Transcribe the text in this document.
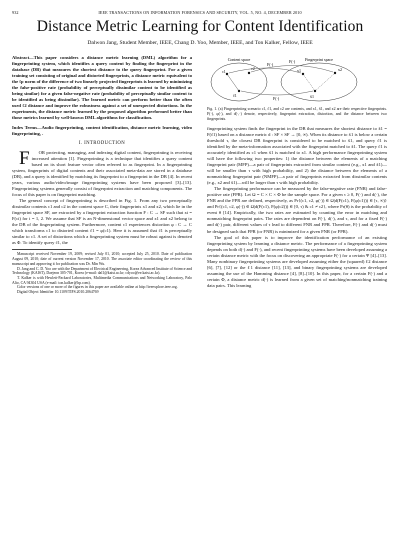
932	IEEE TRANSACTIONS ON INFORMATION FORENSICS AND SECURITY, VOL. 5, NO. 4, DECEMBER 2010
Distance Metric Learning for Content Identification
Dalwon Jang, Student Member, IEEE, Chang D. Yoo, Member, IEEE, and Ton Kalker, Fellow, IEEE
Abstract—This paper considers a distance metric learning (DML) algorithm for a fingerprinting system, which identifies a query content by finding the fingerprint in the database (DB) that measures the shortest distance to the query fingerprint. For a given training set consisting of original and distorted fingerprints, a distance metric equivalent to the ℓp norm of the difference of two linearly projected fingerprints is learned by minimizing the false-positive rate (probability of perceptually dissimilar content to be identified as being similar) for a given false-negative rate (probability of perceptually similar content to be identified as being dissimilar). The learned metric can perform better than the often used ℓ2 distance and improve the robustness against a set of unexpected distortions. In the experiments, the distance metric learned by the proposed algorithm performed better than those metrics learned by well-known DML algorithms for classification.
Index Terms—Audio fingerprinting, content identification, distance metric learning, video fingerprinting, .
I. INTRODUCTION

F	OR protecting, managing, and indexing digital content, fingerprinting is receiving increased attention [1]. Fingerprinting is a technique that identifies a query content based on its short feature vector often referred to as fingerprint. In a fingerprinting system, fingerprints of digital contents and their associated meta-data are stored in a database (DB), and a query is identified by matching its fingerprint to a fingerprint in the DB [4]. In recent years, various audio/video/image fingerprinting systems have been proposed [3]–[13]. Fingerprinting systems generally consist of fingerprint extraction and matching components. The focus of this paper is on fingerprint matching.

The general concept of fingerprinting is described in Fig. 1. From any two perceptually dissimilar contents c1 and c2 in the content space C, their fingerprints x1 and x2, which lie in the fingerprint space SF, are extracted by a fingerprint extraction function F : C → SF such that xi = F(ci) for i = 1, 2. We assume that SF is an N-dimensional vector space and x1 and x2 belong to the DB of the fingerprinting system. Furthermore, content c1 experiences distortion φ : C → C which transforms c1 to distorted content c̃1 = φ(c1). Here it is assumed that c̃1 is perceptually similar to c1. A set of distortions which a fingerprinting system must be robust against is denoted as Φ. To identify query c̃1, the

Manuscript received November 19, 2009; revised July 01, 2010; accepted July 25, 2010. Date of publication August 09, 2010; date of current version November 17, 2010. The associate editor coordinating the review of this manuscript and approving it for publication was Dr. Min Wu.

D. Jang and C. D. Yoo are with the Department of Electrical Engineering, Korea Advanced Institute of Science and Technology (KAIST), Daejeon 305-701, Korea (e-mail: dal1@kaist.ac.kr; cdyoo@ee.kaist.ac.kr).

T. Kalker is with Hewlett-Packard Laboratories, Multimedia Communications and Networking Laboratory, Palo Alto, CA 94304 USA (e-mail: ton.kalker@hp.com).

Color versions of one or more of the figures in this paper are available online at http://ieeexplore.ieee.org.

Digital Object Identifier 10.1109/TIFS.2010.2064769

Content space	Fingerprint space
c1
c̃1
c2	x1
x̃1
x2
F(·)
F(·)
F(·)
Fig. 1. (a) Fingerprinting scenario c1, c̃1, and c2 are contents, and x1, x̃1, and x2 are their respective fingerprints. F(·), φ(·), and d(·,·) denote, respectively, fingerprint extraction, distortion, and the distance between two fingerprints.

fingerprinting system finds the fingerprint in the DB that measures the shortest distance to x̃1 = F(c̃1) based on a distance metric d : SF × SF → [0, ∞). When its distance to x̃1 is below a certain threshold τ, the closest DB fingerprint is considered to be matched to x̃1, and query c̃1 is identified by the meta-information associated with the fingerprint matched to x̃1. The query c̃1 is accurately identified as c1 when x̃1 is matched to x1. A high performance fingerprinting system will have the following two properties: 1) the distance between the elements of a matching fingerprint pair (MFP)—a pair of fingerprints extracted from similar content (e.g., x1 and x̃1)—will be smaller than τ with high probability, and 2) the distance between the elements of a nonmatching fingerprint pair (NMFP)—a pair of fingerprints extracted from dissimilar contents (e.g., x2 and x̃1)—will be larger than τ with high probability.

The fingerprinting performance can be measured by the false-negative rate (FNR) and false-positive rate (FPR). Let Ω = C × C × Φ be the sample space. For a given τ ≥ 0, F(·) and d(·), the FNR and the FPR are defined, respectively, as Pr{(c1, c2, φ(·)) ∈ Ω|d(F(c1), F(φ(c1))) ∈ [τ, ∞)} and Pr{(c1, c2, φ(·)) ∈ Ω|d(F(c1), F(φ(c2))) ∈ [0, τ) & c1 ≠ c2}, where Pr(θ) is the probability of event θ [14]. Empirically, the two rates are estimated by counting the error in matching and nonmatching fingerprint pairs. The rates are dependent on F(·), d(·), and τ, and for a fixed F(·) and d(·) pair, different values of τ lead to different FNR and FPR. Therefore, F(·) and d(·) must be designed such that FPR (or FNR) is minimized for a given FNR (or FPR).

The goal of this paper is to improve the identification performance of an existing fingerprinting system by learning a distance metric. The performance of a fingerprinting system depends on both d(·) and F(·), and recent fingerprinting systems have been developed assuming a certain distance metric with the focus on discovering an appropriate F(·) for a certain Ψ [4]–[13]. Many nonbinary fingerprinting systems are developed assuming either the (squared) ℓ2 distance [6], [7], [12] or the ℓ1 distance [11], [13], and binary fingerprinting systems are developed assuming the use of the Hamming distance [4], [8]–[10]. In this paper, for a certain F(·) and a certain Φ, a distance metric d(·) is learned from a given set of matching/nonmatching training data pairs. This learning
